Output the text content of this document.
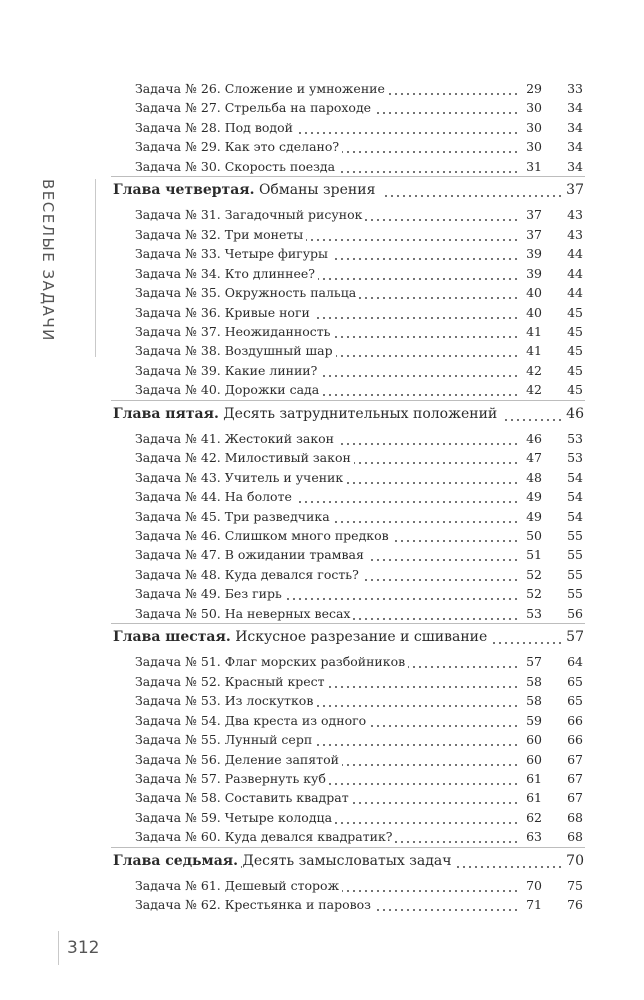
ВЕСЕЛЫЕ ЗАДАЧИ
Задача № 26. Сложение и умножение	29	33
Задача № 27. Стрельба на пароходе	30	34
Задача № 28. Под водой	30	34
Задача № 29. Как это сделано?	30	34
Задача № 30. Скорость поезда	31	34
Глава четвертая. Обманы зрения	37
Задача № 31. Загадочный рисунок	37	43
Задача № 32. Три монеты	37	43
Задача № 33. Четыре фигуры	39	44
Задача № 34. Кто длиннее?	39	44
Задача № 35. Окружность пальца	40	44
Задача № 36. Кривые ноги	40	45
Задача № 37. Неожиданность	41	45
Задача № 38. Воздушный шар	41	45
Задача № 39. Какие линии?	42	45
Задача № 40. Дорожки сада	42	45
Глава пятая. Десять затруднительных положений	46
Задача № 41. Жестокий закон	46	53
Задача № 42. Милостивый закон	47	53
Задача № 43. Учитель и ученик	48	54
Задача № 44. На болоте	49	54
Задача № 45. Три разведчика	49	54
Задача № 46. Слишком много предков	50	55
Задача № 47. В ожидании трамвая	51	55
Задача № 48. Куда девался гость?	52	55
Задача № 49. Без гирь	52	55
Задача № 50. На неверных весах	53	56
Глава шестая. Искусное разрезание и сшивание	57
Задача № 51. Флаг морских разбойников	57	64
Задача № 52. Красный крест	58	65
Задача № 53. Из лоскутков	58	65
Задача № 54. Два креста из одного	59	66
Задача № 55. Лунный серп	60	66
Задача № 56. Деление запятой	60	67
Задача № 57. Развернуть куб	61	67
Задача № 58. Составить квадрат	61	67
Задача № 59. Четыре колодца	62	68
Задача № 60. Куда девался квадратик?	63	68
Глава седьмая. Десять замысловатых задач	70
Задача № 61. Дешевый сторож	70	75
Задача № 62. Крестьянка и паровоз	71	76
312
